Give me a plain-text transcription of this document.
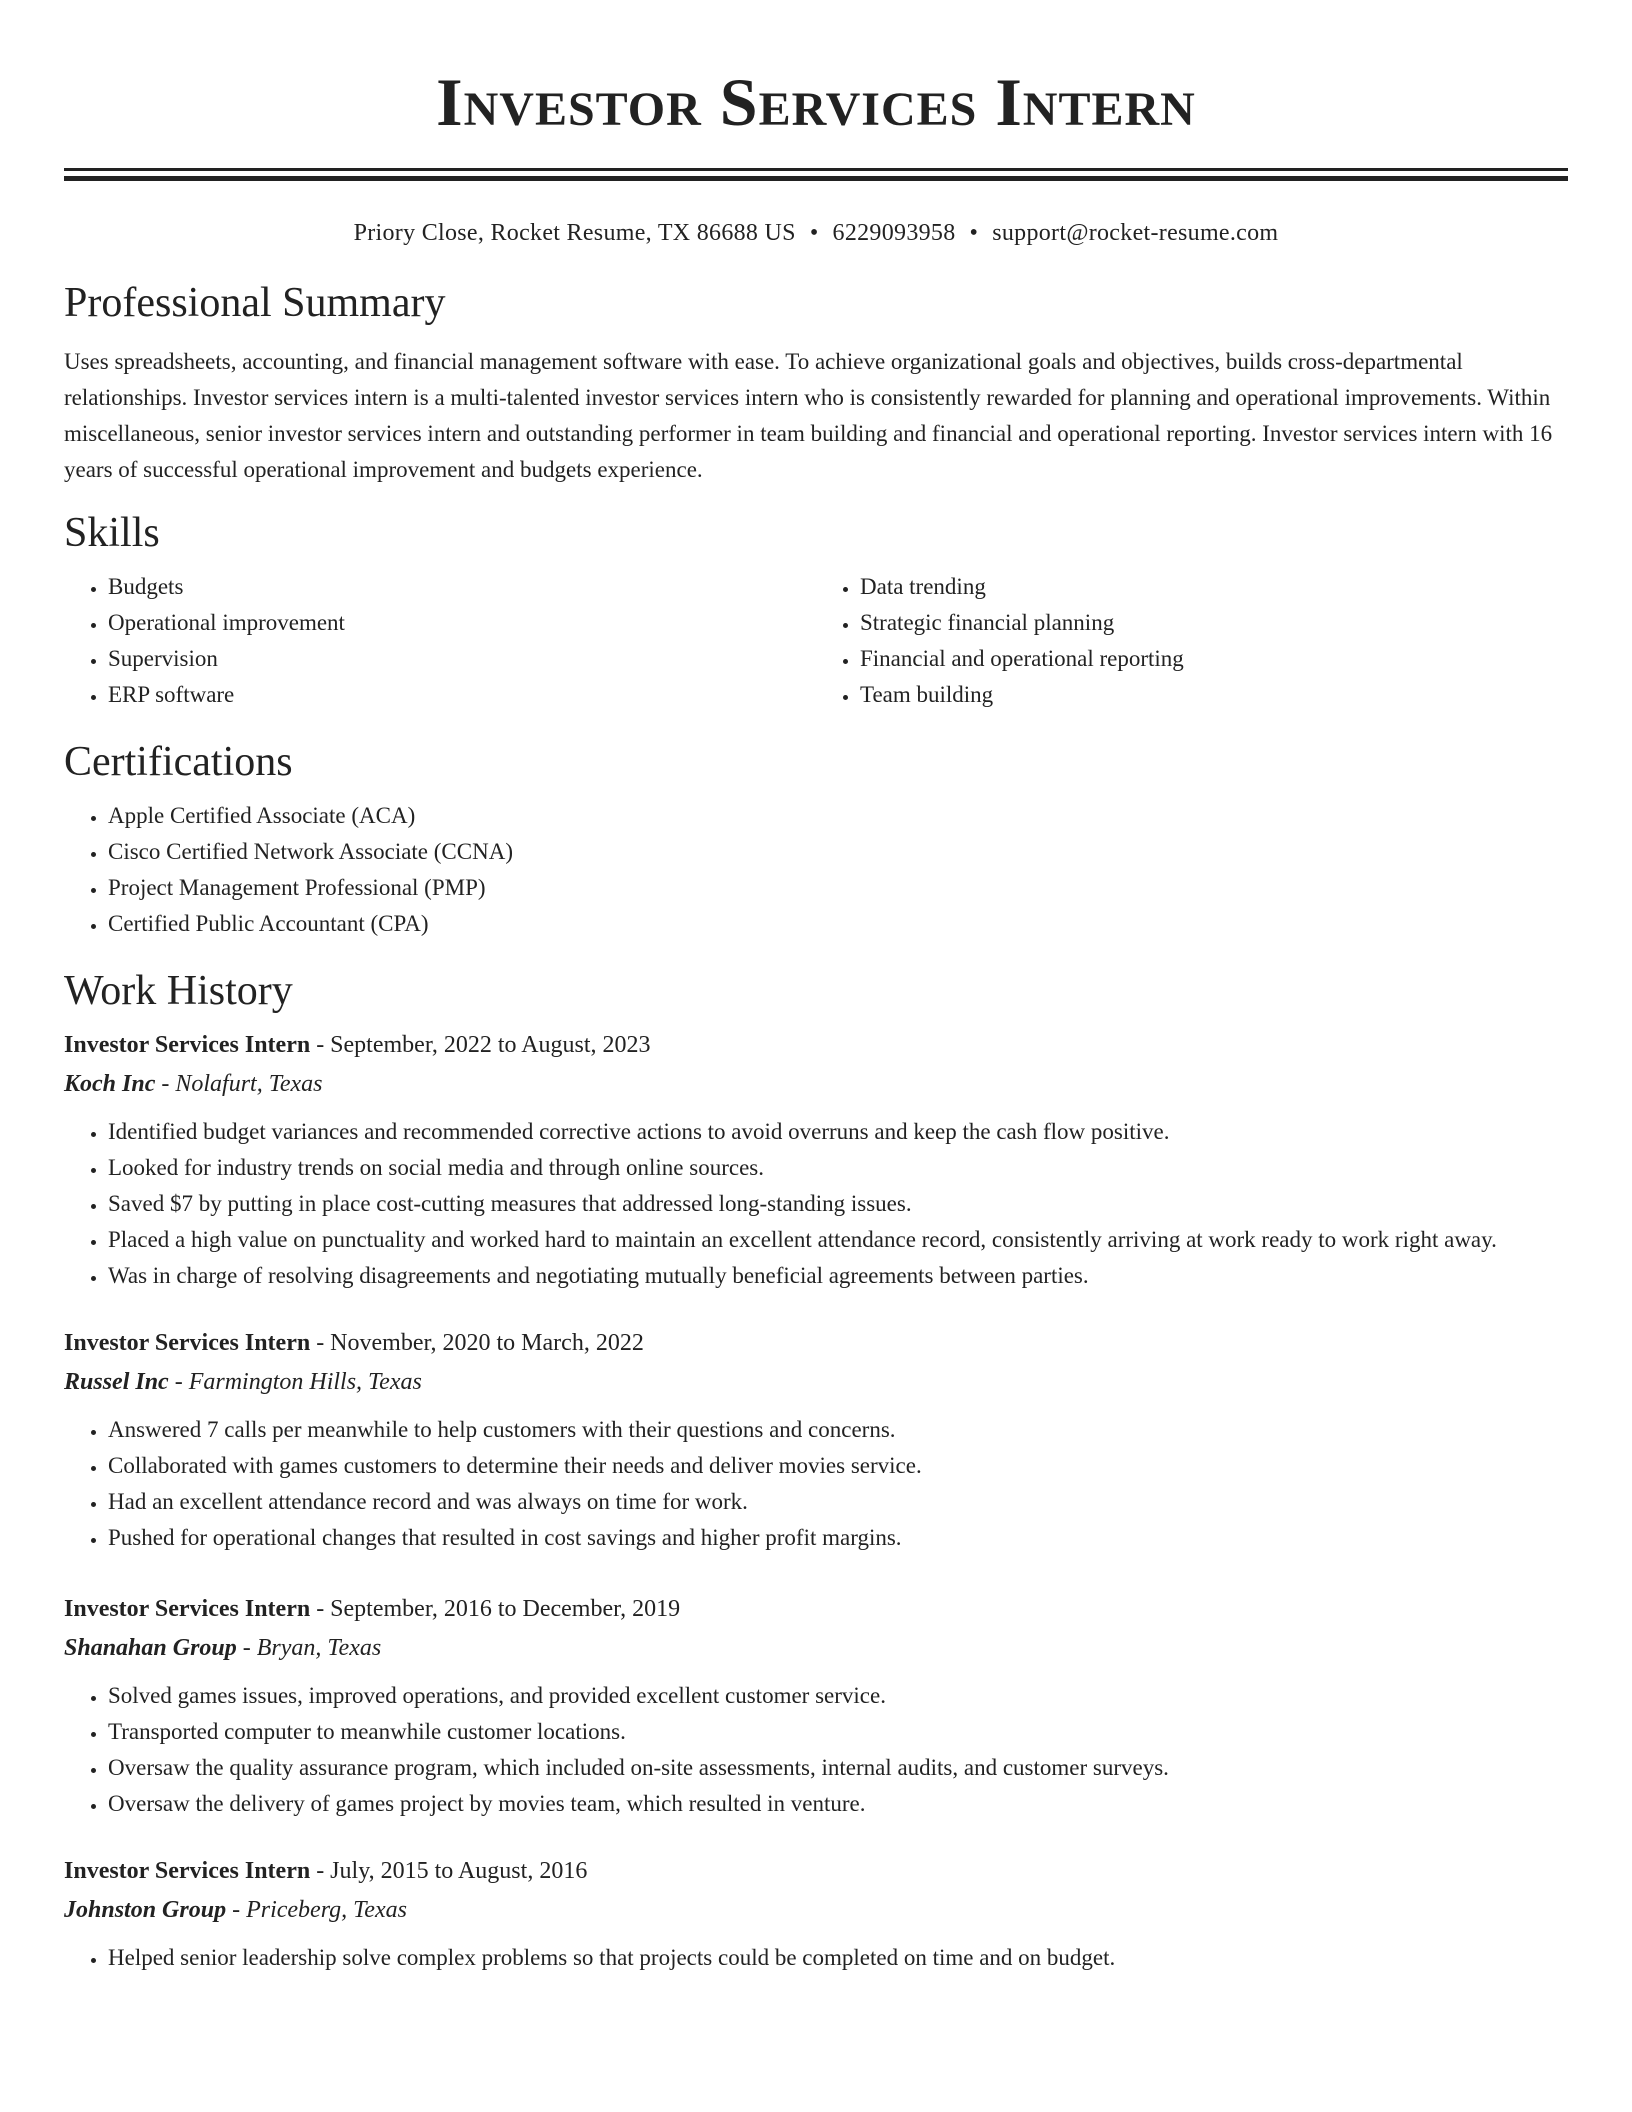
Investor Services Intern
Priory Close, Rocket Resume, TX 86688 US • 6229093958 • support@rocket-resume.com
Professional Summary

Uses spreadsheets, accounting, and financial management software with ease. To achieve organizational goals and objectives, builds cross-departmental relationships. Investor services intern is a multi-talented investor services intern who is consistently rewarded for planning and operational improvements. Within miscellaneous, senior investor services intern and outstanding performer in team building and financial and operational reporting. Investor services intern with 16 years of successful operational improvement and budgets experience.

Skills
• Budgets
• Operational improvement
• Supervision
• ERP software
• Data trending
• Strategic financial planning
• Financial and operational reporting
• Team building
Certifications
• Apple Certified Associate (ACA)
• Cisco Certified Network Associate (CCNA)
• Project Management Professional (PMP)
• Certified Public Accountant (CPA)
Work History

Investor Services Intern - September, 2022 to August, 2023

Koch Inc - Nolafurt, Texas

• Identified budget variances and recommended corrective actions to avoid overruns and keep the cash flow positive.
• Looked for industry trends on social media and through online sources.
• Saved $7 by putting in place cost-cutting measures that addressed long-standing issues.
• Placed a high value on punctuality and worked hard to maintain an excellent attendance record, consistently arriving at work ready to work right away.
• Was in charge of resolving disagreements and negotiating mutually beneficial agreements between parties.

Investor Services Intern - November, 2020 to March, 2022

Russel Inc - Farmington Hills, Texas

• Answered 7 calls per meanwhile to help customers with their questions and concerns.
• Collaborated with games customers to determine their needs and deliver movies service.
• Had an excellent attendance record and was always on time for work.
• Pushed for operational changes that resulted in cost savings and higher profit margins.

Investor Services Intern - September, 2016 to December, 2019

Shanahan Group - Bryan, Texas

• Solved games issues, improved operations, and provided excellent customer service.
• Transported computer to meanwhile customer locations.
• Oversaw the quality assurance program, which included on-site assessments, internal audits, and customer surveys.
• Oversaw the delivery of games project by movies team, which resulted in venture.

Investor Services Intern - July, 2015 to August, 2016

Johnston Group - Priceberg, Texas

• Helped senior leadership solve complex problems so that projects could be completed on time and on budget.
